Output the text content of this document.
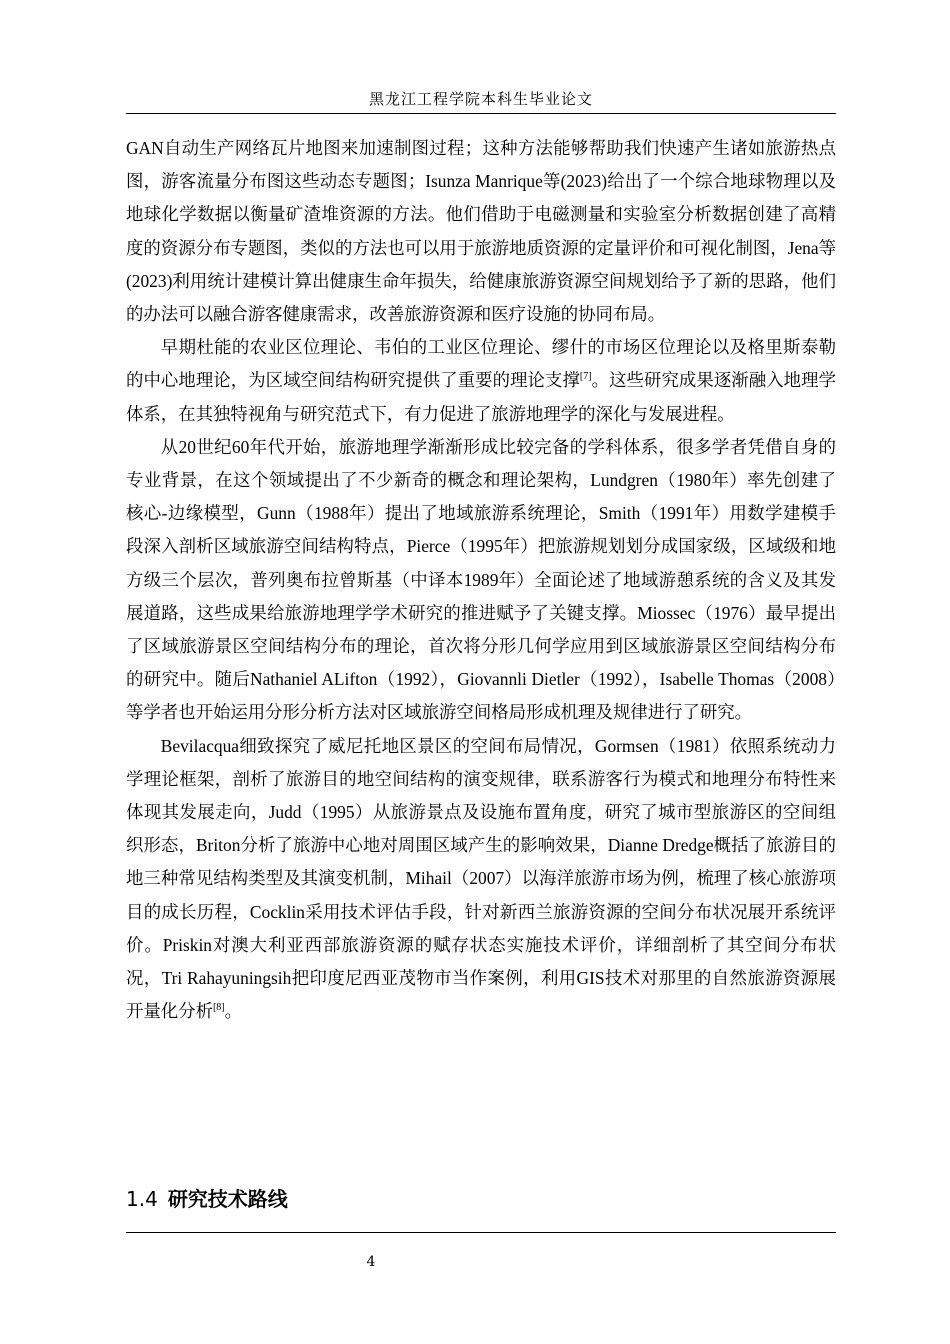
黑龙江工程学院本科生毕业论文

GAN自动生产网络瓦片地图来加速制图过程；这种方法能够帮助我们快速产生诸如旅游热点图，游客流量分布图这些动态专题图；Isunza Manrique等(2023)给出了一个综合地球物理以及地球化学数据以衡量矿渣堆资源的方法。他们借助于电磁测量和实验室分析数据创建了高精度的资源分布专题图，类似的方法也可以用于旅游地质资源的定量评价和可视化制图，Jena等(2023)利用统计建模计算出健康生命年损失，给健康旅游资源空间规划给予了新的思路，他们的办法可以融合游客健康需求，改善旅游资源和医疗设施的协同布局。

早期杜能的农业区位理论、韦伯的工业区位理论、缪什的市场区位理论以及格里斯泰勒的中心地理论，为区域空间结构研究提供了重要的理论支撑[7]。这些研究成果逐渐融入地理学体系，在其独特视角与研究范式下，有力促进了旅游地理学的深化与发展进程。

从20世纪60年代开始，旅游地理学渐渐形成比较完备的学科体系，很多学者凭借自身的专业背景，在这个领域提出了不少新奇的概念和理论架构，Lundgren（1980年）率先创建了核心-边缘模型，Gunn（1988年）提出了地域旅游系统理论，Smith（1991年）用数学建模手段深入剖析区域旅游空间结构特点，Pierce（1995年）把旅游规划划分成国家级，区域级和地方级三个层次，普列奥布拉曾斯基（中译本1989年）全面论述了地域游憩系统的含义及其发展道路，这些成果给旅游地理学学术研究的推进赋予了关键支撑。Miossec（1976）最早提出了区域旅游景区空间结构分布的理论，首次将分形几何学应用到区域旅游景区空间结构分布的研究中。随后Nathaniel ALifton（1992），Giovannli Dietler（1992），Isabelle Thomas（2008）等学者也开始运用分形分析方法对区域旅游空间格局形成机理及规律进行了研究。

Bevilacqua细致探究了威尼托地区景区的空间布局情况，Gormsen（1981）依照系统动力学理论框架，剖析了旅游目的地空间结构的演变规律，联系游客行为模式和地理分布特性来体现其发展走向，Judd（1995）从旅游景点及设施布置角度，研究了城市型旅游区的空间组织形态，Briton分析了旅游中心地对周围区域产生的影响效果，Dianne Dredge概括了旅游目的地三种常见结构类型及其演变机制，Mihail（2007）以海洋旅游市场为例，梳理了核心旅游项目的成长历程，Cocklin采用技术评估手段，针对新西兰旅游资源的空间分布状况展开系统评价。Priskin对澳大利亚西部旅游资源的赋存状态实施技术评价，详细剖析了其空间分布状况，Tri Rahayuningsih把印度尼西亚茂物市当作案例，利用GIS技术对那里的自然旅游资源展开量化分析[8]。

1.4 研究技术路线
4
